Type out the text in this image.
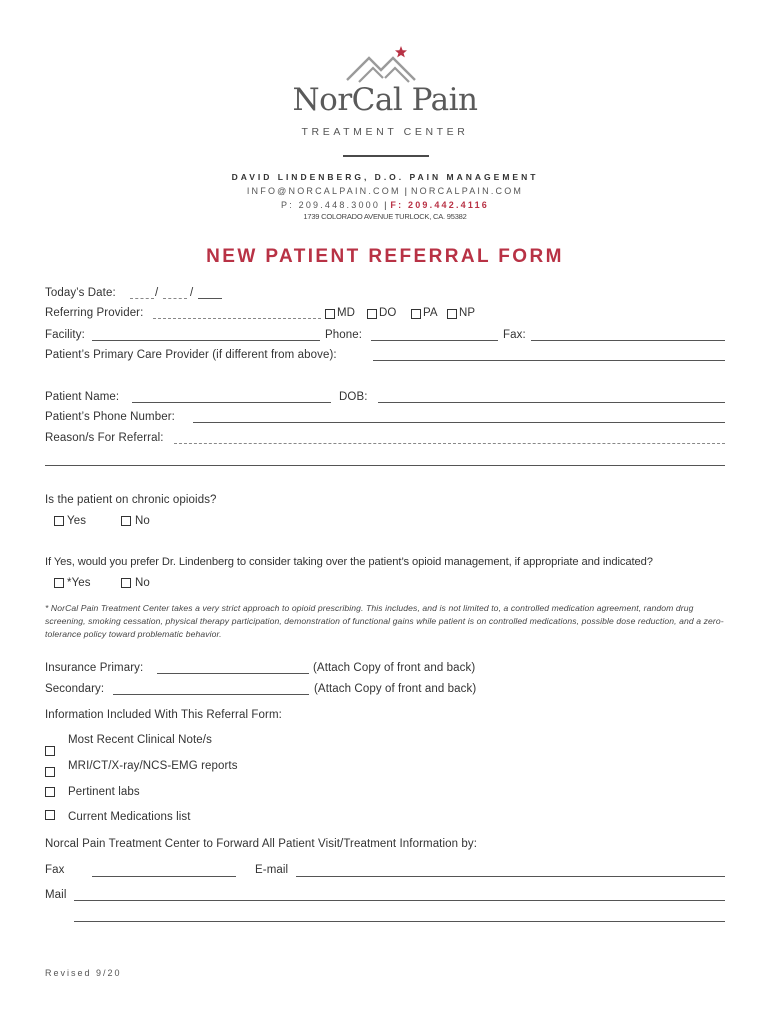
NorCal Pain
TREATMENT CENTER
DAVID LINDENBERG, D.O. PAIN MANAGEMENT
INFO@NORCALPAIN.COM | NORCALPAIN.COM
P: 209.448.3000 | F: 209.442.4116
1739 COLORADO AVENUE TURLOCK, CA. 95382
NEW PATIENT REFERRAL FORM
Today’s Date:	/	/
Referring Provider:	MD DO PA NP
Facility:	Phone:	Fax:
Patient’s Primary Care Provider (if different from above):
Patient Name:	DOB:
Patient’s Phone Number:
Reason/s For Referral:
Is the patient on chronic opioids?
Yes	No
If Yes, would you prefer Dr. Lindenberg to consider taking over the patient’s opioid management, if appropriate and indicated?
*Yes	No
* NorCal Pain Treatment Center takes a very strict approach to opioid prescribing. This includes, and is not limited to, a controlled medication agreement, random drug screening, smoking cessation, physical therapy participation, demonstration of functional gains while patient is on controlled medications, possible dose reduction, and a zero-tolerance policy toward problematic behavior.
Insurance Primary:	(Attach Copy of front and back)
Secondary:	(Attach Copy of front and back)
Information Included With This Referral Form:
Most Recent Clinical Note/s
MRI/CT/X-ray/NCS-EMG reports
Pertinent labs
Current Medications list
Norcal Pain Treatment Center to Forward All Patient Visit/Treatment Information by:
Fax	E-mail
Mail
Revised 9/20
